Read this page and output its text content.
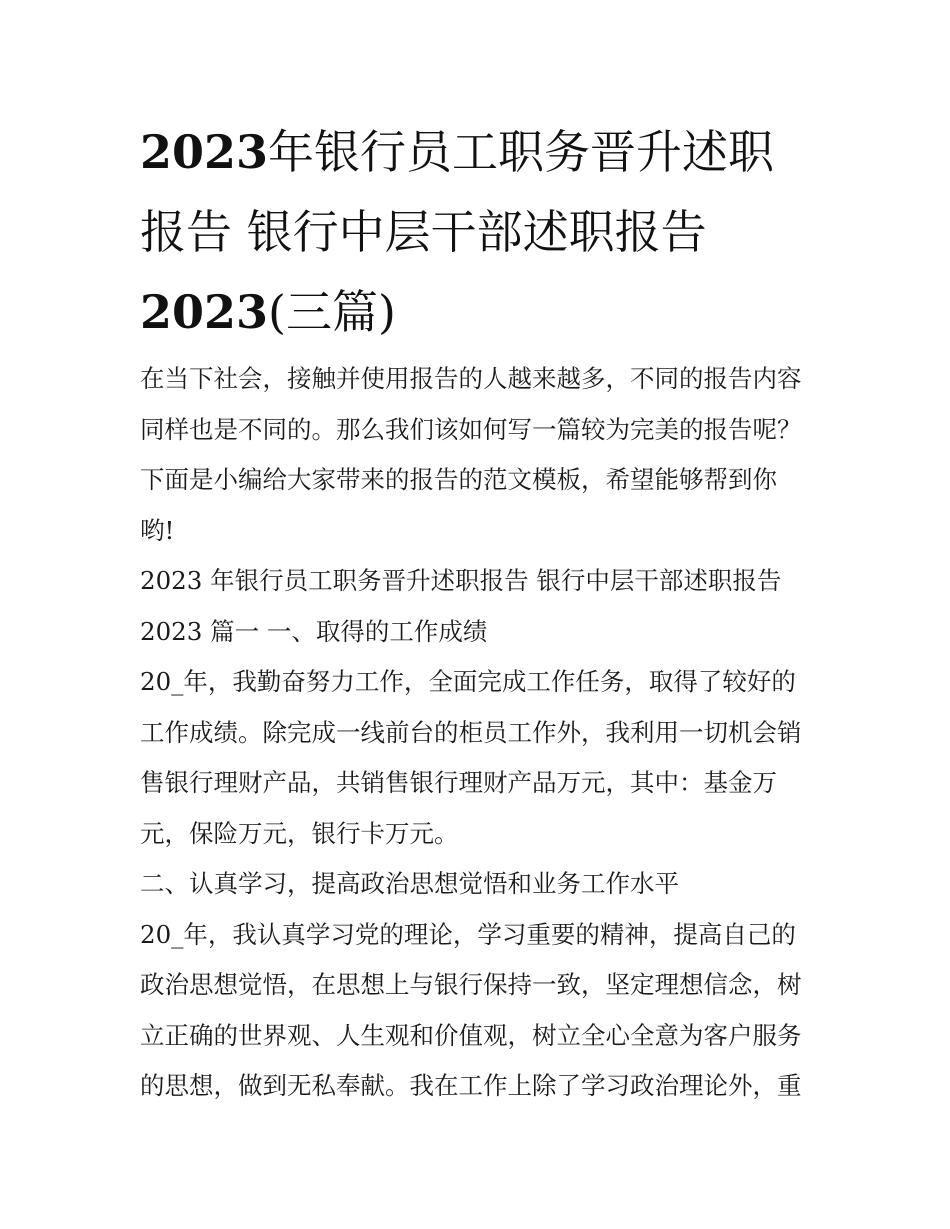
2023年银行员工职务晋升述职
报告 银行中层干部述职报告
2023(三篇)
在当下社会，接触并使用报告的人越来越多，不同的报告内容
同样也是不同的。那么我们该如何写一篇较为完美的报告呢？
下面是小编给大家带来的报告的范文模板，希望能够帮到你
哟!
2023 年银行员工职务晋升述职报告 银行中层干部述职报告
2023 篇一 一、取得的工作成绩
20_年，我勤奋努力工作，全面完成工作任务，取得了较好的
工作成绩。除完成一线前台的柜员工作外，我利用一切机会销
售银行理财产品，共销售银行理财产品万元，其中：基金万
元，保险万元，银行卡万元。
二、认真学习，提高政治思想觉悟和业务工作水平
20_年，我认真学习党的理论，学习重要的精神，提高自己的
政治思想觉悟，在思想上与银行保持一致，坚定理想信念，树
立正确的世界观、人生观和价值观，树立全心全意为客户服务
的思想，做到无私奉献。我在工作上除了学习政治理论外，重
